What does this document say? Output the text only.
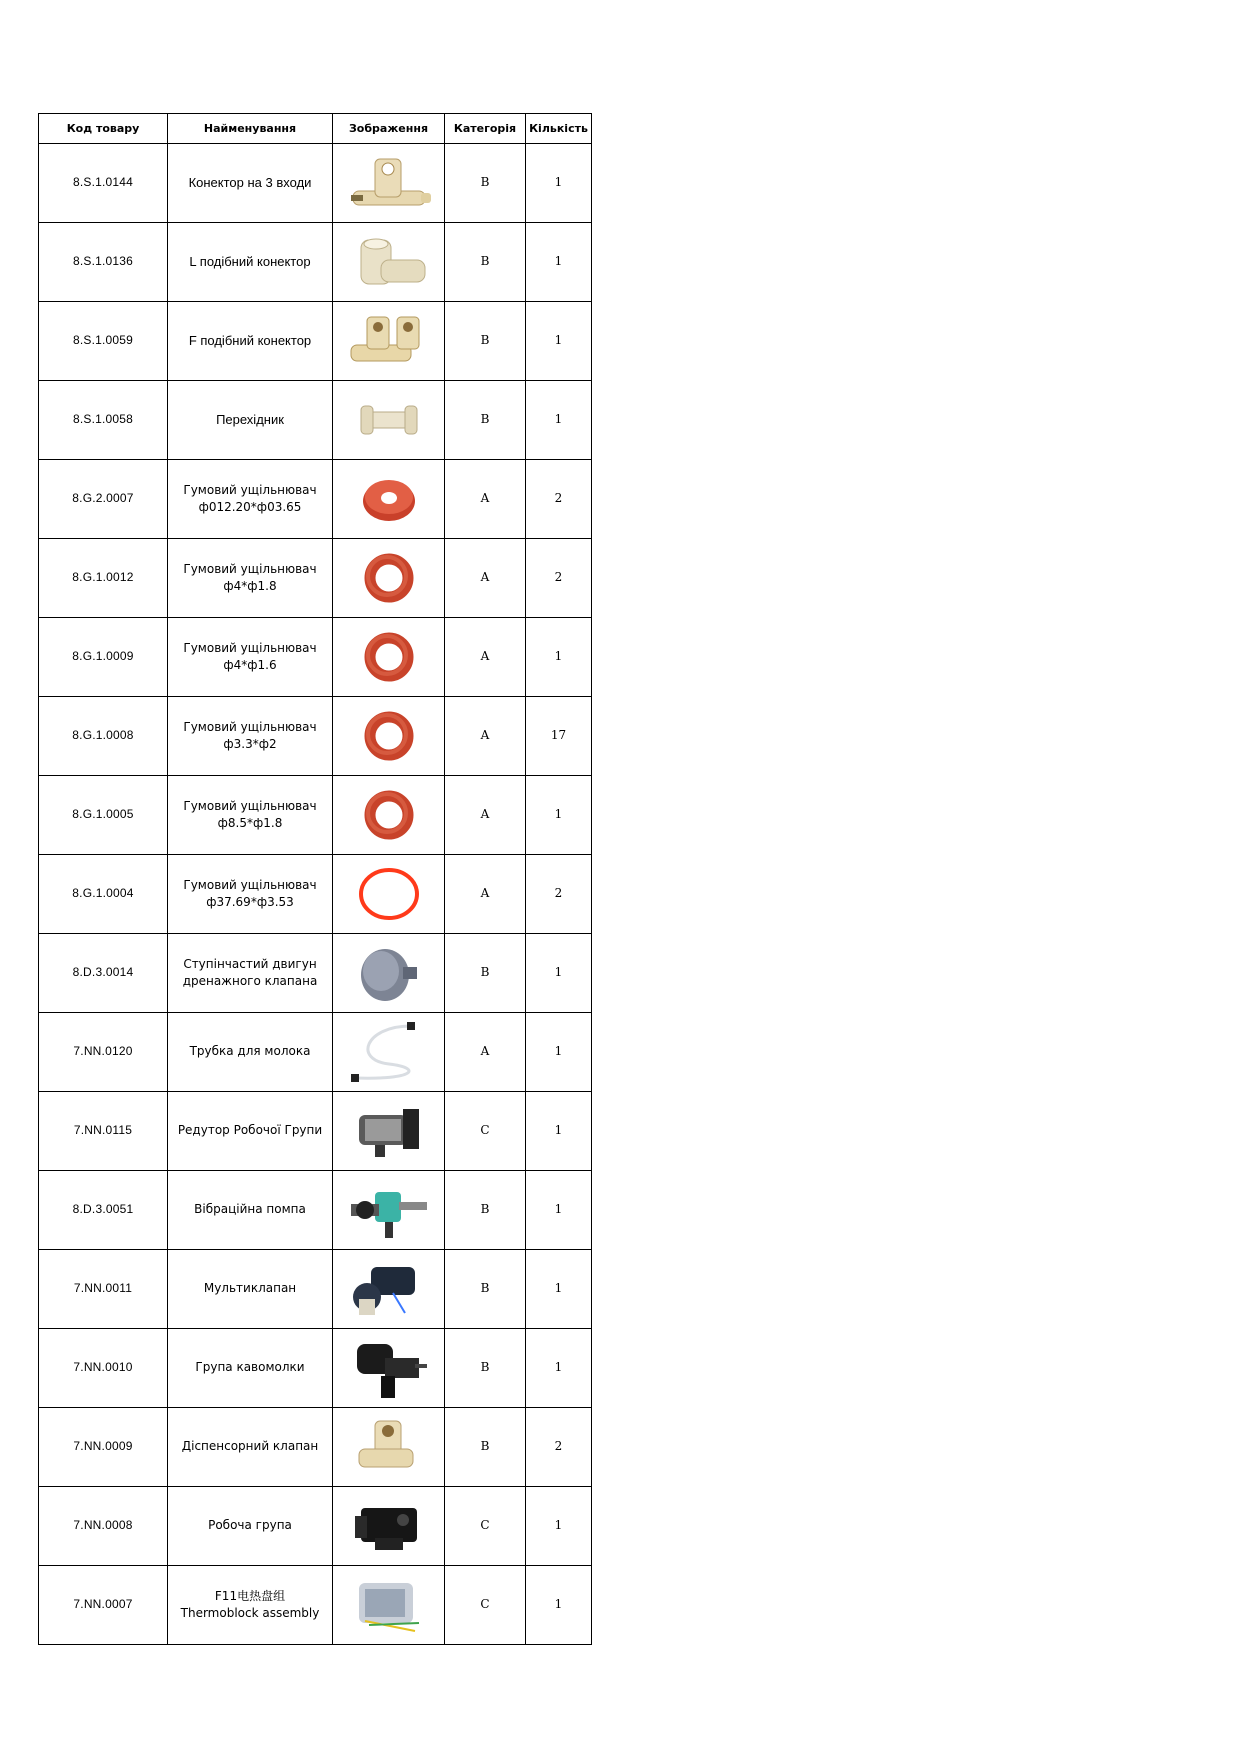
Код товару	Найменування	Зображення	Категорія	Кількість
8.S.1.0144	Конектор на 3 входи		B	1
8.S.1.0136	L подібний конектор		B	1
8.S.1.0059	F подібний конектор		B	1
8.S.1.0058	Перехідник		B	1
8.G.2.0007	Гумовий ущільнювач
ф012.20*ф03.65		A	2
8.G.1.0012	Гумовий ущільнювач
ф4*ф1.8		A	2
8.G.1.0009	Гумовий ущільнювач
ф4*ф1.6		A	1
8.G.1.0008	Гумовий ущільнювач
ф3.3*ф2		A	17
8.G.1.0005	Гумовий ущільнювач
ф8.5*ф1.8		A	1
8.G.1.0004	Гумовий ущільнювач
ф37.69*ф3.53		A	2
8.D.3.0014	Ступінчастий двигун
дренажного клапана		B	1
7.NN.0120	Трубка для молока		A	1
7.NN.0115	Редутор Робочої Групи		C	1
8.D.3.0051	Вібраційна помпа		B	1
7.NN.0011	Мультиклапан		B	1
7.NN.0010	Група кавомолки		B	1
7.NN.0009	Діспенсорний клапан		B	2
7.NN.0008	Робоча група		C	1
7.NN.0007	F11电热盘组
Thermoblock assembly		C	1
